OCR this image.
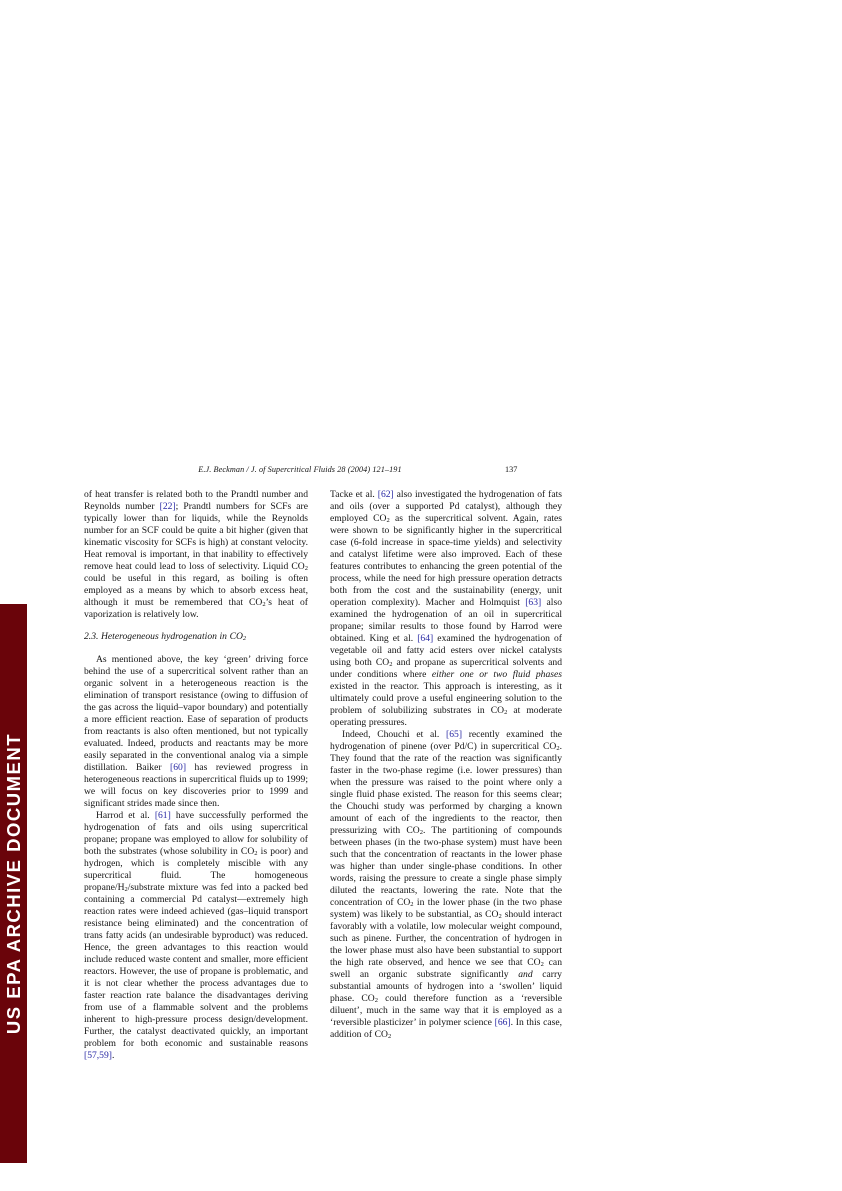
US EPA ARCHIVE DOCUMENT
E.J. Beckman / J. of Supercritical Fluids 28 (2004) 121–191	137

of heat transfer is related both to the Prandtl number and Reynolds number [22]; Prandtl numbers for SCFs are typically lower than for liquids, while the Reynolds number for an SCF could be quite a bit higher (given that kinematic viscosity for SCFs is high) at constant velocity. Heat removal is important, in that inability to effectively remove heat could lead to loss of selectivity. Liquid $CO_2$ could be useful in this regard, as boiling is often employed as a means by which to absorb excess heat, although it must be remembered that $CO_2’s$ heat of vaporization is relatively low.

2.3. Heterogeneous hydrogenation in $CO_2$

As mentioned above, the key ‘green’ driving force behind the use of a supercritical solvent rather than an organic solvent in a heterogeneous reaction is the elimination of transport resistance (owing to diffusion of the gas across the liquid–vapor boundary) and potentially a more efficient reaction. Ease of separation of products from reactants is also often mentioned, but not typically evaluated. Indeed, products and reactants may be more easily separated in the conventional analog via a simple distillation. Baiker [60] has reviewed progress in heterogeneous reactions in supercritical fluids up to 1999; we will focus on key discoveries prior to 1999 and significant strides made since then.

Harrod et al. [61] have successfully performed the hydrogenation of fats and oils using supercritical propane; propane was employed to allow for solubility of both the substrates (whose solubility in $CO_2$ is poor) and hydrogen, which is completely miscible with any supercritical fluid. The homogeneous propane/$H_2$/substrate mixture was fed into a packed bed containing a commercial Pd catalyst—extremely high reaction rates were indeed achieved (gas–liquid transport resistance being eliminated) and the concentration of trans fatty acids (an undesirable byproduct) was reduced. Hence, the green advantages to this reaction would include reduced waste content and smaller, more efficient reactors. However, the use of propane is problematic, and it is not clear whether the process advantages due to faster reaction rate balance the disadvantages deriving from use of a flammable solvent and the problems inherent to high-pressure process design/development. Further, the catalyst deactivated quickly, an important problem for both economic and sustainable reasons [57,59].

Tacke et al. [62] also investigated the hydrogenation of fats and oils (over a supported Pd catalyst), although they employed $CO_2$ as the supercritical solvent. Again, rates were shown to be significantly higher in the supercritical case (6-fold increase in space-time yields) and selectivity and catalyst lifetime were also improved. Each of these features contributes to enhancing the green potential of the process, while the need for high pressure operation detracts both from the cost and the sustainability (energy, unit operation complexity). Macher and Holmquist [63] also examined the hydrogenation of an oil in supercritical propane; similar results to those found by Harrod were obtained. King et al. [64] examined the hydrogenation of vegetable oil and fatty acid esters over nickel catalysts using both $CO_2$ and propane as supercritical solvents and under conditions where either one or two fluid phases existed in the reactor. This approach is interesting, as it ultimately could prove a useful engineering solution to the problem of solubilizing substrates in $CO_2$ at moderate operating pressures.

Indeed, Chouchi et al. [65] recently examined the hydrogenation of pinene (over Pd/C) in supercritical $CO_2$. They found that the rate of the reaction was significantly faster in the two-phase regime (i.e. lower pressures) than when the pressure was raised to the point where only a single fluid phase existed. The reason for this seems clear; the Chouchi study was performed by charging a known amount of each of the ingredients to the reactor, then pressurizing with $CO_2$. The partitioning of compounds between phases (in the two-phase system) must have been such that the concentration of reactants in the lower phase was higher than under single-phase conditions. In other words, raising the pressure to create a single phase simply diluted the reactants, lowering the rate. Note that the concentration of $CO_2$ in the lower phase (in the two phase system) was likely to be substantial, as $CO_2$ should interact favorably with a volatile, low molecular weight compound, such as pinene. Further, the concentration of hydrogen in the lower phase must also have been substantial to support the high rate observed, and hence we see that $CO_2$ can swell an organic substrate significantly and carry substantial amounts of hydrogen into a ‘swollen’ liquid phase. $CO_2$ could therefore function as a ‘reversible diluent’, much in the same way that it is employed as a ‘reversible plasticizer’ in polymer science [66]. In this case, addition of $CO_2$
